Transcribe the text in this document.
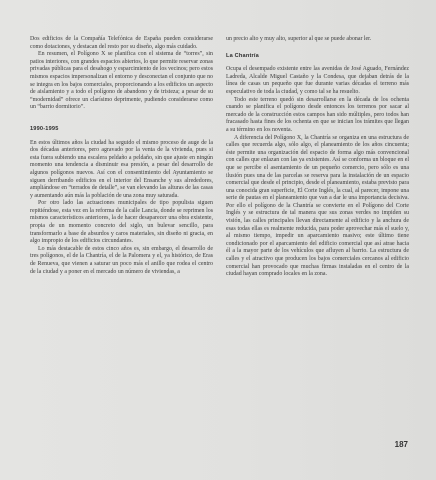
Dos edificios de la Compañía Telefónica de España pueden considerarse como dotaciones, y destacan del resto por su diseño, algo más cuidado.

En resumen, el Polígono X se planifica con el sistema de “torres”, sin patios interiores, con grandes espacios abiertos, lo que permite reservar zonas privadas públicas para el desahogo y esparcimiento de los vecinos; pero estos mismos espacios impersonalizan el entorno y desconectan el conjunto que no se integra en los bajos comerciales, proporcionando a los edificios un aspecto de aislamiento y a todo el polígono de abandono y de tristeza; a pesar de su “modernidad” ofrece un clarísimo deprimente, pudiendo considerarse como un “barrio dormitorio”.

1990-1995

En estos últimos años la ciudad ha seguido el mismo proceso de auge de la dos décadas anteriores, pero agravado por la venta de la vivienda, pues si esta fuera subiendo una escalera peldaño a peldaño, sin que ajuste en ningún momento una tendencia a disminuir esa presión, a pesar del desarrollo de algunos polígonos nuevos. Así con el consentimiento del Ayuntamiento se siguen derribando edificios en el interior del Ensanche y sus alrededores, ampliándose en “terrados de detalle”, se van elevando las alturas de las casas y aumentando aún más la población de una zona muy saturada.

Por otro lado las actuaciones municipales de tipo populista siguen repitiéndose, esta vez en la reforma de la calle Lancia, donde se reprimen los mismos característicos anteriores, la de hacer desaparecer una obra existente, propia de un momento concreto del siglo, un bulevar sencillo, para transformarlo a base de absurdos y caros materiales, sin diseño ni gracia, en algo impropio de los edificios circundantes.

Lo más destacable de estos cinco años es, sin embargo, el desarrollo de tres polígonos, el de la Chantría, el de la Palomera y el, ya histórico, de Eras de Renueva, que vienen a saturar un poco más el anillo que rodea el centro de la ciudad y a poner en el mercado un número de viviendas, a

un precio alto y muy alto, superior al que se puede abonar ler.

La Chantría

Ocupa el desempado existente entre las avenidas de José Aguado, Fernández Ladreda, Alcalde Miguel Castaño y la Condesa, que dejaban detrás de la línea de casas un pequeño que fue durante varias décadas el terreno más especulativo de toda la ciudad, y como tal se ha resuelto.

Todo este terreno quedó sin desarrollarse en la década de los ochenta cuando se planifica el polígono desde entonces los terrenos por sacar al mercado de la construcción estos campos han sido múltiples, pero todos han fracasado hasta fines de los ochenta en que se inician los trámites que llegan a su término en los noventa.

A diferencia del Polígono X, la Chantría se organiza en una estructura de calles que recuerda algo, sólo algo, el planeamiento de los años cincuenta; éste permite una organización del espacio de forma algo más convencional con calles que enlazan con las ya existentes. Así se conforma un bloque en el que se percibe el asentamiento de un pequeño comercio, pero sólo es una ilusión pues una de las parcelas se reserva para la instalación de un espacio comercial que desde el principio, desde el planeamiento, estaba previsto para una conocida gran superficie, El Corte Inglés, la cual, al parecer, impone una serie de pautas en el planeamiento que van a dar le una importancia decisiva. Por ello el polígono de la Chantría se convierte en el Polígono del Corte Inglés y se estructura de tal manera que sus zonas verdes no impiden su visión, las calles principales llevan directamente al edificio y la anchura de esas todas ellas es realmente reducida, para poder aprovechar más el suelo y, al mismo tiempo, impedir un aparcamiento masivo; este último tiene condicionado por el aparcamiento del edificio comercial que así atrae hacia él a la mayor parte de los vehículos que afluyen al barrio. La estructura de calles y el atractivo que producen los bajos comerciales cercanos al edificio comercial han provocado que muchas firmas instaladas en el centro de la ciudad hayan comprado locales en la zona.

187
